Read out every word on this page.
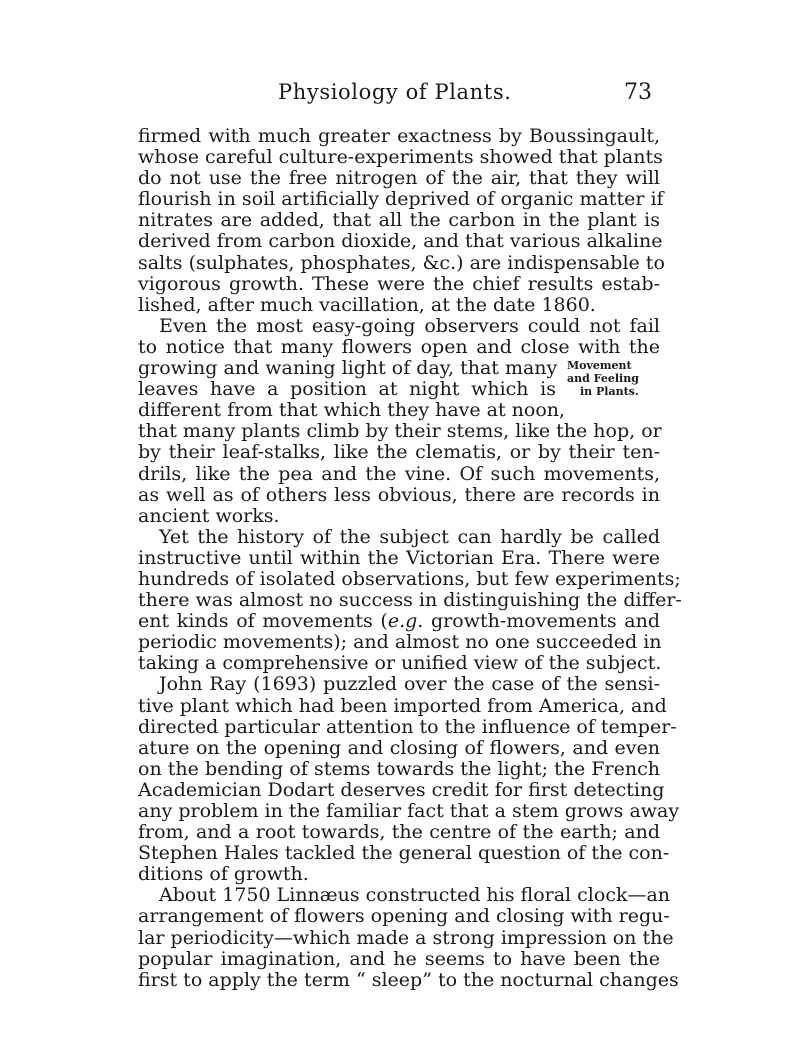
Physiology of Plants.	73

firmed with much greater exactness by Boussingault,
whose careful culture-experiments showed that plants
do not use the free nitrogen of the air, that they will
flourish in soil artificially deprived of organic matter if
nitrates are added, that all the carbon in the plant is
derived from carbon dioxide, and that various alkaline
salts (sulphates, phosphates, &c.) are indispensable to
vigorous growth. These were the chief results estab-
lished, after much vacillation, at the date 1860.

Even the most easy-going observers could not fail
to notice that many flowers open and close with the
growing and waning light of day, that many
leaves have a position at night which is
different from that which they have at noon,
that many plants climb by their stems, like the hop, or
by their leaf-stalks, like the clematis, or by their ten-
drils, like the pea and the vine. Of such movements,
as well as of others less obvious, there are records in
ancient works.

Yet the history of the subject can hardly be called
instructive until within the Victorian Era. There were
hundreds of isolated observations, but few experiments;
there was almost no success in distinguishing the differ-
ent kinds of movements (e.g. growth-movements and
periodic movements); and almost no one succeeded in
taking a comprehensive or unified view of the subject.

John Ray (1693) puzzled over the case of the sensi-
tive plant which had been imported from America, and
directed particular attention to the influence of temper-
ature on the opening and closing of flowers, and even
on the bending of stems towards the light; the French
Academician Dodart deserves credit for first detecting
any problem in the familiar fact that a stem grows away
from, and a root towards, the centre of the earth; and
Stephen Hales tackled the general question of the con-
ditions of growth.

About 1750 Linnæus constructed his floral clock—an
arrangement of flowers opening and closing with regu-
lar periodicity—which made a strong impression on the
popular imagination, and he seems to have been the
first to apply the term “ sleep” to the nocturnal changes

Movement
and Feeling
in Plants.
